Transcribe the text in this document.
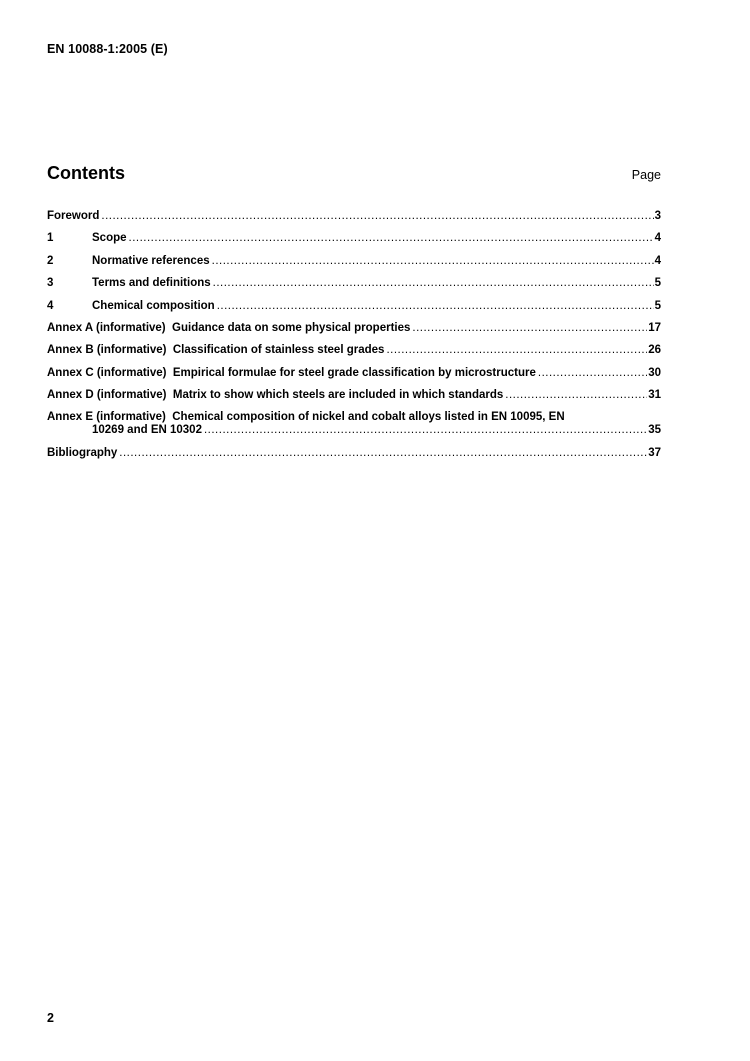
EN 10088-1:2005 (E)
Contents	Page
Foreword .....	3
1	Scope .....	4
2	Normative references .....	4
3	Terms and definitions .....	5
4	Chemical composition .....	5
Annex A (informative)  Guidance data on some physical properties .....	17
Annex B (informative)  Classification of stainless steel grades .....	26
Annex C (informative)  Empirical formulae for steel grade classification by microstructure .....	30
Annex D (informative)  Matrix to show which steels are included in which standards .....	31
Annex E (informative)  Chemical composition of nickel and cobalt alloys listed in EN 10095, EN
10269 and EN 10302 .....	35
Bibliography .....	37
2
